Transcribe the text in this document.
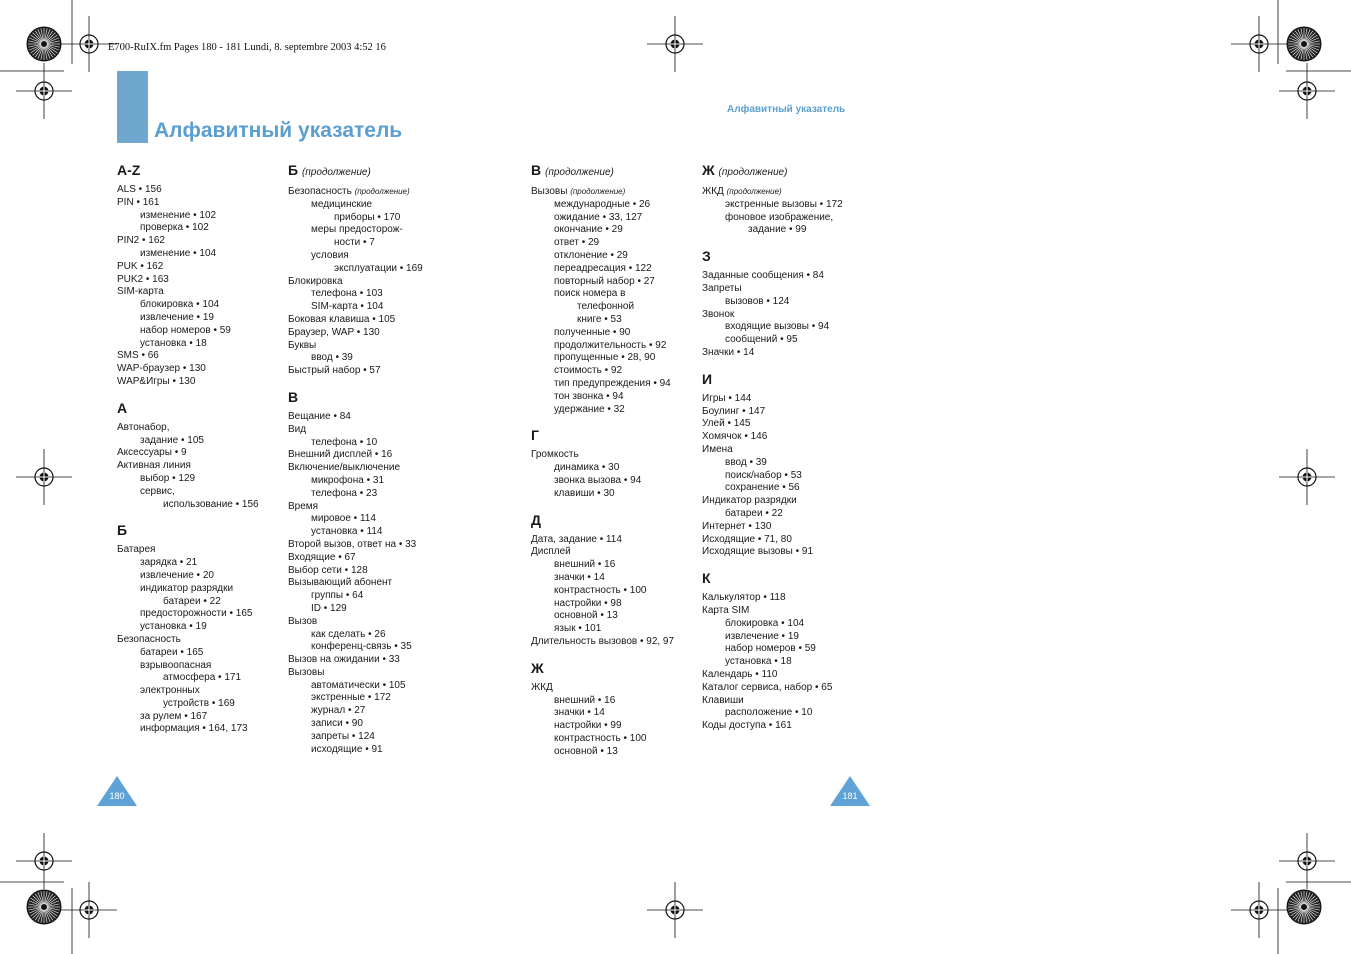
E700-RuIX.fm Pages 180 - 181 Lundi, 8. septembre 2003 4:52 16
Алфавитный указатель
Алфавитный указатель
A-Z
ALS • 156
PIN • 161
изменение • 102
проверка • 102
PIN2 • 162
изменение • 104
PUK • 162
PUK2 • 163
SIM-карта
блокировка • 104
извлечение • 19
набор номеров • 59
установка • 18
SMS • 66
WAP-браузер • 130
WAP&Игры • 130
А
Автонабор,
задание • 105
Аксессуары • 9
Активная линия
выбор • 129
сервис,
использование • 156
Б
Батарея
зарядка • 21
извлечение • 20
индикатор разрядки
батареи • 22
предосторожности • 165
установка • 19
Безопасность
батареи • 165
взрывоопасная
атмосфера • 171
электронных
устройств • 169
за рулем • 167
информация • 164, 173
Б (продолжение)
Безопасность (продолжение)
медицинские
приборы • 170
меры предосторож-
ности • 7
условия
эксплуатации • 169
Блокировка
телефона • 103
SIM-карта • 104
Боковая клавиша • 105
Браузер, WAP • 130
Буквы
ввод • 39
Быстрый набор • 57
В
Вещание • 84
Вид
телефона • 10
Внешний дисплей • 16
Включение/выключение
микрофона • 31
телефона • 23
Время
мировое • 114
установка • 114
Второй вызов, ответ на • 33
Входящие • 67
Выбор сети • 128
Вызывающий абонент
группы • 64
ID • 129
Вызов
как сделать • 26
конференц-связь • 35
Вызов на ожидании • 33
Вызовы
автоматически • 105
экстренные • 172
журнал • 27
записи • 90
запреты • 124
исходящие • 91
В (продолжение)
Вызовы (продолжение)
международные • 26
ожидание • 33, 127
окончание • 29
ответ • 29
отклонение • 29
переадресация • 122
повторный набор • 27
поиск номера в
телефонной
книге • 53
полученные • 90
продолжительность • 92
пропущенные • 28, 90
стоимость • 92
тип предупреждения • 94
тон звонка • 94
удержание • 32
Г
Громкость
динамика • 30
звонка вызова • 94
клавиши • 30
Д
Дата, задание • 114
Дисплей
внешний • 16
значки • 14
контрастность • 100
настройки • 98
основной • 13
язык • 101
Длительность вызовов • 92, 97
Ж
ЖКД
внешний • 16
значки • 14
настройки • 99
контрастность • 100
основной • 13
Ж (продолжение)
ЖКД (продолжение)
экстренные вызовы • 172
фоновое изображение,
задание • 99
З
Заданные сообщения • 84
Запреты
вызовов • 124
Звонок
входящие вызовы • 94
сообщений • 95
Значки • 14
И
Игры • 144
Боулинг • 147
Улей • 145
Хомячок • 146
Имена
ввод • 39
поиск/набор • 53
сохранение • 56
Индикатор разрядки
батареи • 22
Интернет • 130
Исходящие • 71, 80
Исходящие вызовы • 91
К
Калькулятор • 118
Карта SIM
блокировка • 104
извлечение • 19
набор номеров • 59
установка • 18
Календарь • 110
Каталог сервиса, набор • 65
Клавиши
расположение • 10
Коды доступа • 161
180	181
